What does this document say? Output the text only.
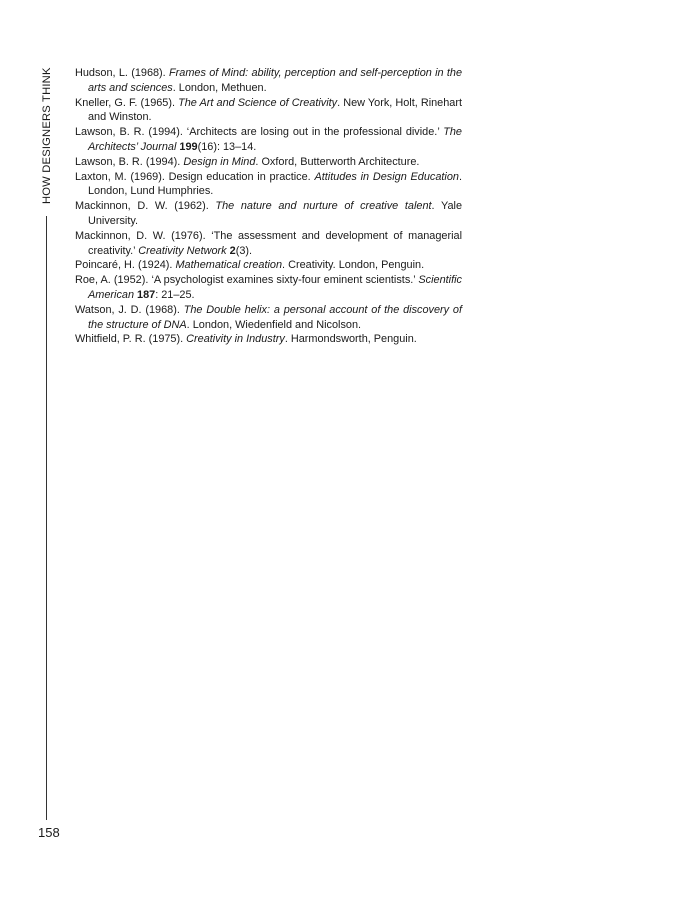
HOW DESIGNERS THINK
158

Hudson, L. (1968). Frames of Mind: ability, perception and self-perception in the arts and sciences. London, Methuen.

Kneller, G. F. (1965). The Art and Science of Creativity. New York, Holt, Rinehart and Winston.

Lawson, B. R. (1994). ‘Architects are losing out in the professional divide.’ The Architects’ Journal 199(16): 13–14.

Lawson, B. R. (1994). Design in Mind. Oxford, Butterworth Architecture.

Laxton, M. (1969). Design education in practice. Attitudes in Design Education. London, Lund Humphries.

Mackinnon, D. W. (1962). The nature and nurture of creative talent. Yale University.

Mackinnon, D. W. (1976). ‘The assessment and development of managerial creativity.’ Creativity Network 2(3).

Poincaré, H. (1924). Mathematical creation. Creativity. London, Penguin.

Roe, A. (1952). ‘A psychologist examines sixty-four eminent scientists.’ Scientific American 187: 21–25.

Watson, J. D. (1968). The Double helix: a personal account of the discovery of the structure of DNA. London, Wiedenfield and Nicolson.

Whitfield, P. R. (1975). Creativity in Industry. Harmondsworth, Penguin.
